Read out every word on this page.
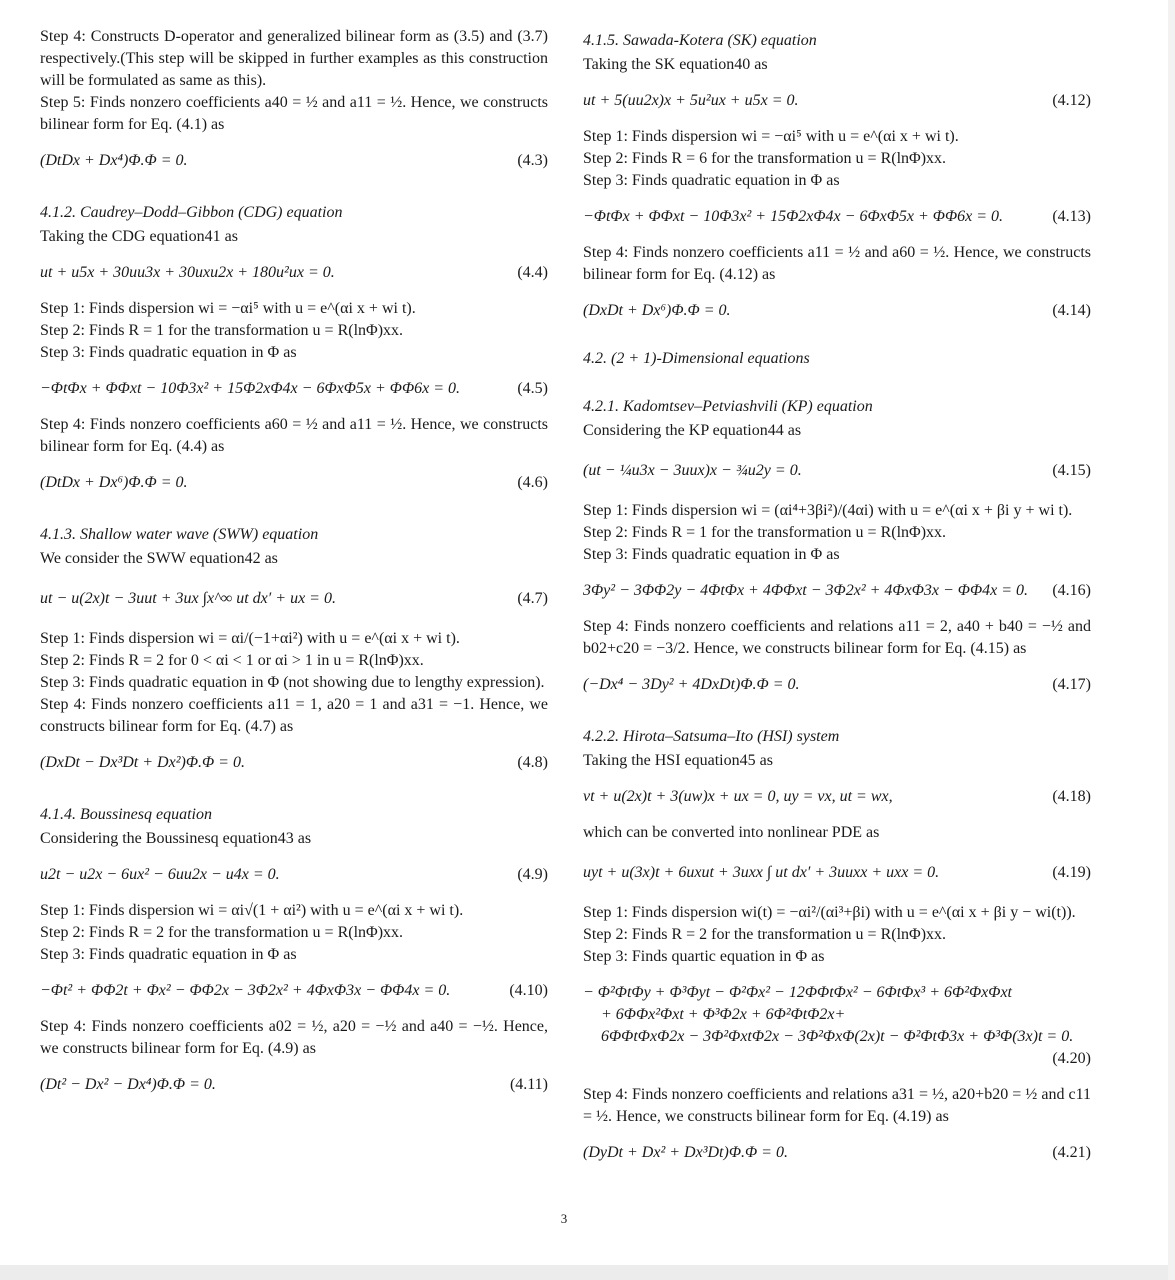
Step 4: Constructs D-operator and generalized bilinear form as (3.5) and (3.7) respectively.(This step will be skipped in further examples as this construction will be formulated as same as this).

Step 5: Finds nonzero coefficients a40 = ½ and a11 = ½. Hence, we constructs bilinear form for Eq. (4.1) as

(DtDx + Dx⁴)Φ.Φ = 0.	(4.3)
4.1.2. Caudrey–Dodd–Gibbon (CDG) equation

Taking the CDG equation41 as

ut + u5x + 30uu3x + 30uxu2x + 180u²ux = 0.	(4.4)

Step 1: Finds dispersion wi = −αi⁵ with u = e^(αi x + wi t).

Step 2: Finds R = 1 for the transformation u = R(lnΦ)xx.

Step 3: Finds quadratic equation in Φ as

−ΦtΦx + ΦΦxt − 10Φ3x² + 15Φ2xΦ4x − 6ΦxΦ5x + ΦΦ6x = 0.	(4.5)

Step 4: Finds nonzero coefficients a60 = ½ and a11 = ½. Hence, we constructs bilinear form for Eq. (4.4) as

(DtDx + Dx⁶)Φ.Φ = 0.	(4.6)
4.1.3. Shallow water wave (SWW) equation

We consider the SWW equation42 as

ut − u(2x)t − 3uut + 3ux ∫x^∞ ut dx′ + ux = 0.	(4.7)

Step 1: Finds dispersion wi = αi/(−1+αi²) with u = e^(αi x + wi t).

Step 2: Finds R = 2 for 0 < αi < 1 or αi > 1 in u = R(lnΦ)xx.

Step 3: Finds quadratic equation in Φ (not showing due to lengthy expression).

Step 4: Finds nonzero coefficients a11 = 1, a20 = 1 and a31 = −1. Hence, we constructs bilinear form for Eq. (4.7) as

(DxDt − Dx³Dt + Dx²)Φ.Φ = 0.	(4.8)
4.1.4. Boussinesq equation

Considering the Boussinesq equation43 as

u2t − u2x − 6ux² − 6uu2x − u4x = 0.	(4.9)

Step 1: Finds dispersion wi = αi√(1 + αi²) with u = e^(αi x + wi t).

Step 2: Finds R = 2 for the transformation u = R(lnΦ)xx.

Step 3: Finds quadratic equation in Φ as

−Φt² + ΦΦ2t + Φx² − ΦΦ2x − 3Φ2x² + 4ΦxΦ3x − ΦΦ4x = 0.	(4.10)

Step 4: Finds nonzero coefficients a02 = ½, a20 = −½ and a40 = −½. Hence, we constructs bilinear form for Eq. (4.9) as

(Dt² − Dx² − Dx⁴)Φ.Φ = 0.	(4.11)
4.1.5. Sawada-Kotera (SK) equation

Taking the SK equation40 as

ut + 5(uu2x)x + 5u²ux + u5x = 0.	(4.12)

Step 1: Finds dispersion wi = −αi⁵ with u = e^(αi x + wi t).

Step 2: Finds R = 6 for the transformation u = R(lnΦ)xx.

Step 3: Finds quadratic equation in Φ as

−ΦtΦx + ΦΦxt − 10Φ3x² + 15Φ2xΦ4x − 6ΦxΦ5x + ΦΦ6x = 0.	(4.13)

Step 4: Finds nonzero coefficients a11 = ½ and a60 = ½. Hence, we constructs bilinear form for Eq. (4.12) as

(DxDt + Dx⁶)Φ.Φ = 0.	(4.14)
4.2. (2 + 1)-Dimensional equations
4.2.1. Kadomtsev–Petviashvili (KP) equation

Considering the KP equation44 as

(ut − ¼u3x − 3uux)x − ¾u2y = 0.	(4.15)

Step 1: Finds dispersion wi = (αi⁴+3βi²)/(4αi) with u = e^(αi x + βi y + wi t).

Step 2: Finds R = 1 for the transformation u = R(lnΦ)xx.

Step 3: Finds quadratic equation in Φ as

3Φy² − 3ΦΦ2y − 4ΦtΦx + 4ΦΦxt − 3Φ2x² + 4ΦxΦ3x − ΦΦ4x = 0. (4.16)

Step 4: Finds nonzero coefficients and relations a11 = 2, a40 + b40 = −½ and b02+c20 = −3/2. Hence, we constructs bilinear form for Eq. (4.15) as

(−Dx⁴ − 3Dy² + 4DxDt)Φ.Φ = 0.	(4.17)
4.2.2. Hirota–Satsuma–Ito (HSI) system

Taking the HSI equation45 as

vt + u(2x)t + 3(uw)x + ux = 0, uy = vx, ut = wx,	(4.18)

which can be converted into nonlinear PDE as

uyt + u(3x)t + 6uxut + 3uxx ∫ ut dx′ + 3uuxx + uxx = 0.	(4.19)

Step 1: Finds dispersion wi(t) = −αi²/(αi³+βi) with u = e^(αi x + βi y − wi(t)).

Step 2: Finds R = 2 for the transformation u = R(lnΦ)xx.

Step 3: Finds quartic equation in Φ as

− Φ²ΦtΦy + Φ³Φyt − Φ²Φx² − 12ΦΦtΦx² − 6ΦtΦx³ + 6Φ²ΦxΦxt
+ 6ΦΦx²Φxt + Φ³Φ2x + 6Φ²ΦtΦ2x+
6ΦΦtΦxΦ2x − 3Φ²ΦxtΦ2x − 3Φ²ΦxΦ(2x)t − Φ²ΦtΦ3x + Φ³Φ(3x)t = 0.
(4.20)

Step 4: Finds nonzero coefficients and relations a31 = ½, a20+b20 = ½ and c11 = ½. Hence, we constructs bilinear form for Eq. (4.19) as

(DyDt + Dx² + Dx³Dt)Φ.Φ = 0.	(4.21)
3
